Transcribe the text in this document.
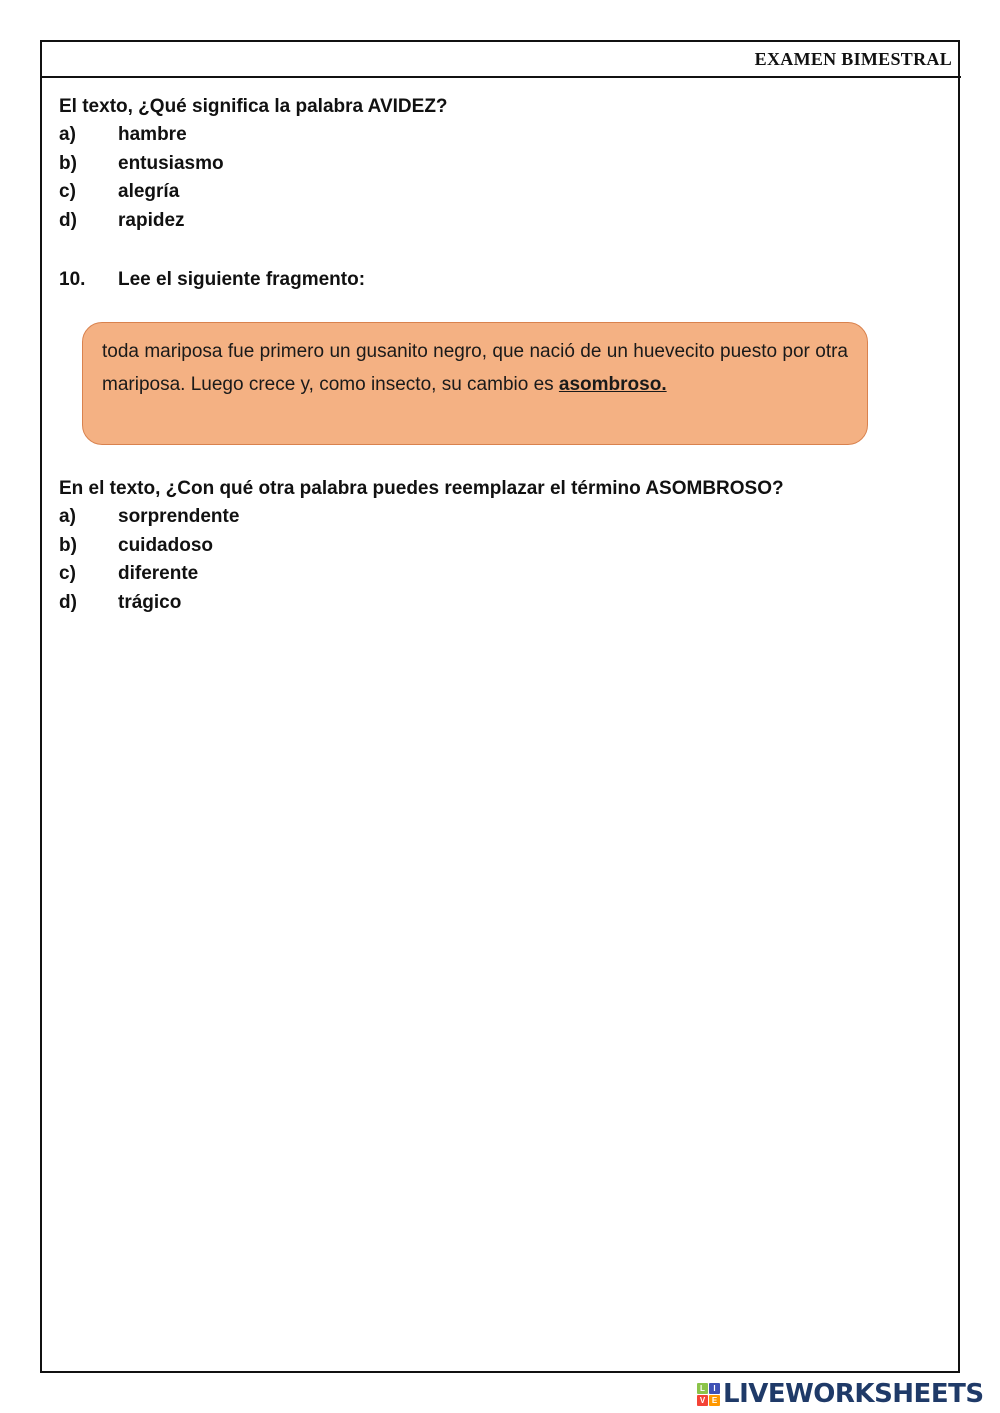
EXAMEN BIMESTRAL

El texto, ¿Qué significa la palabra AVIDEZ?

a)	hambre
b)	entusiasmo
c)	alegría
d)	rapidez
10.	Lee el siguiente fragmento:
toda mariposa fue primero un gusanito negro, que nació de un huevecito puesto por otra mariposa. Luego crece y, como insecto, su cambio es asombroso.

En el texto, ¿Con qué otra palabra puedes reemplazar el término ASOMBROSO?

a)	sorprendente
b)	cuidadoso
c)	diferente
d)	trágico
L	I
V E LIVEWORKSHEETS
